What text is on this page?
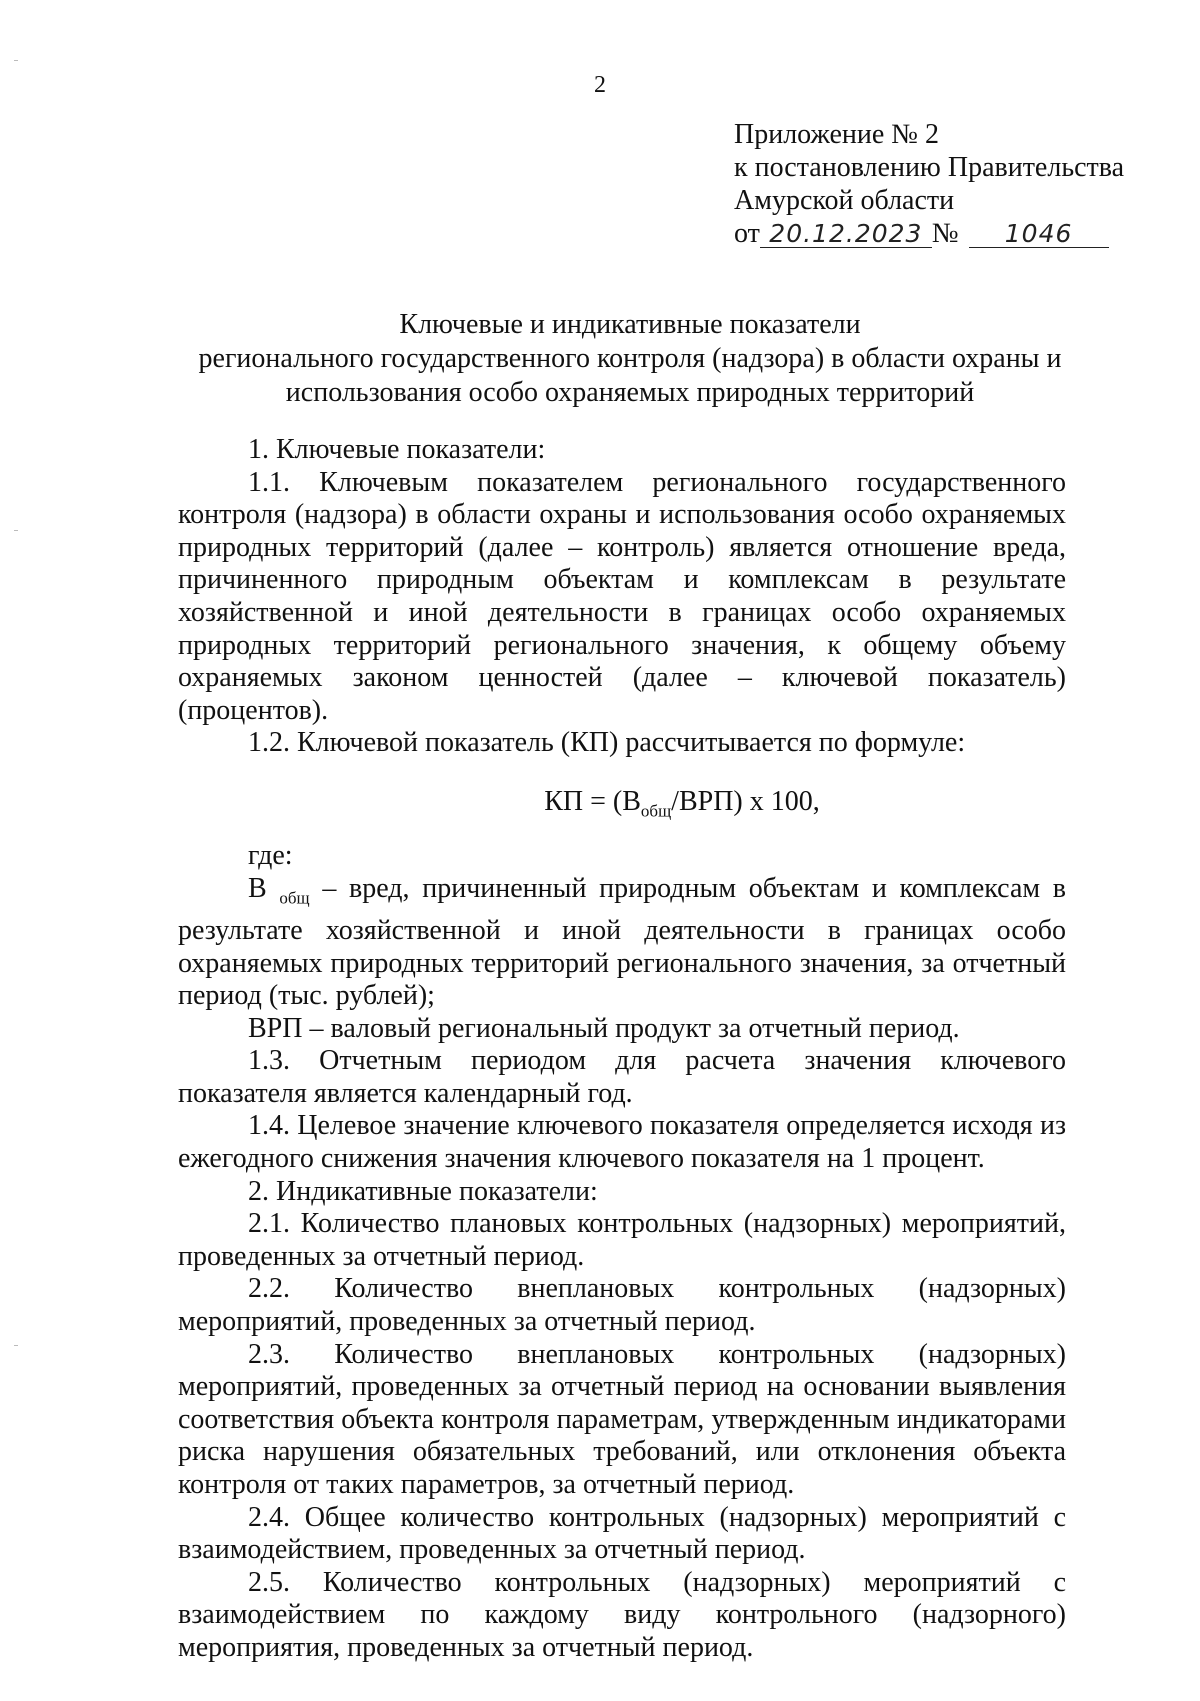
2
Приложение № 2
к постановлению Правительства
Амурской области
от 20.12.2023 № 1046
Ключевые и индикативные показатели
регионального государственного контроля (надзора) в области охраны и
использования особо охраняемых природных территорий

1. Ключевые показатели:

1.1. Ключевым показателем регионального государственного контроля (надзора) в области охраны и использования особо охраняемых природных территорий (далее – контроль) является отношение вреда, причиненного природным объектам и комплексам в результате хозяйственной и иной деятельности в границах особо охраняемых природных территорий регионального значения, к общему объему охраняемых законом ценностей (далее – ключевой показатель) (процентов).

1.2. Ключевой показатель (КП) рассчитывается по формуле:

КП = $(В_{общ}/ВРП)$ х 100,

где:

В $_{общ}$ – вред, причиненный природным объектам и комплексам в результате хозяйственной и иной деятельности в границах особо охраняемых природных территорий регионального значения, за отчетный период (тыс. рублей);

ВРП – валовый региональный продукт за отчетный период.

1.3. Отчетным периодом для расчета значения ключевого показателя является календарный год.

1.4. Целевое значение ключевого показателя определяется исходя из ежегодного снижения значения ключевого показателя на 1 процент.

2. Индикативные показатели:

2.1. Количество плановых контрольных (надзорных) мероприятий, проведенных за отчетный период.

2.2. Количество внеплановых контрольных (надзорных) мероприятий, проведенных за отчетный период.

2.3. Количество внеплановых контрольных (надзорных) мероприятий, проведенных за отчетный период на основании выявления соответствия объекта контроля параметрам, утвержденным индикаторами риска нарушения обязательных требований, или отклонения объекта контроля от таких параметров, за отчетный период.

2.4. Общее количество контрольных (надзорных) мероприятий с взаимодействием, проведенных за отчетный период.

2.5. Количество контрольных (надзорных) мероприятий с взаимодействием по каждому виду контрольного (надзорного) мероприятия, проведенных за отчетный период.
